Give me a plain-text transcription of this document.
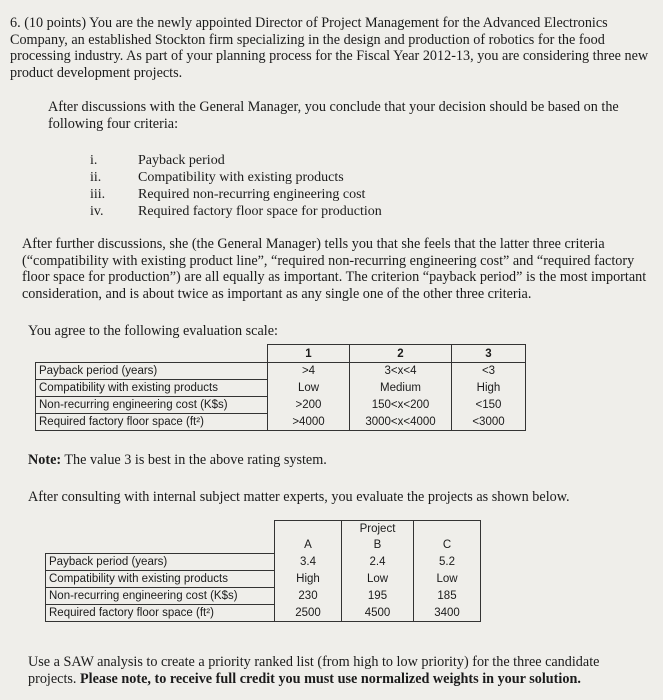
6. (10 points) You are the newly appointed Director of Project Management for the Advanced Electronics Company, an established Stockton firm specializing in the design and production of robotics for the food processing industry. As part of your planning process for the Fiscal Year 2012-13, you are considering three new product development projects.
After discussions with the General Manager, you conclude that your decision should be based on the following four criteria:
i.	Payback period
ii.	Compatibility with existing products
iii.	Required non-recurring engineering cost
iv.	Required factory floor space for production
After further discussions, she (the General Manager) tells you that she feels that the latter three criteria (“compatibility with existing product line”, “required non-recurring engineering cost” and “required factory floor space for production”) are all equally as important. The criterion “payback period” is the most important consideration, and is about twice as important as any single one of the other three criteria.
You agree to the following evaluation scale:
	1	2	3
Payback period (years)	>4	3<x<4	<3
Compatibility with existing products	Low	Medium	High
Non-recurring engineering cost (K$s)	>200	150<x<200	<150
Required factory floor space (ft²)	>4000	3000<x<4000	<3000
Note: The value 3 is best in the above rating system.
After consulting with internal subject matter experts, you evaluate the projects as shown below.
		Project	
	A	B	C
Payback period (years)	3.4	2.4	5.2
Compatibility with existing products	High	Low	Low
Non-recurring engineering cost (K$s)	230	195	185
Required factory floor space (ft²)	2500	4500	3400
Use a SAW analysis to create a priority ranked list (from high to low priority) for the three candidate projects. Please note, to receive full credit you must use normalized weights in your solution.
